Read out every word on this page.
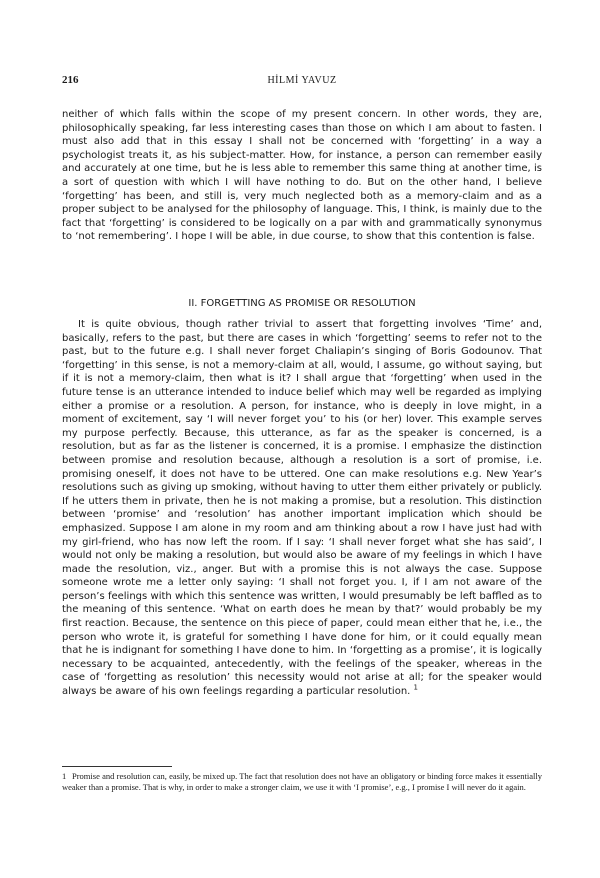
216	HİLMİ YAVUZ

neither of which falls within the scope of my present concern. In other words, they are, philosophically speaking, far less interesting cases than those on which I am about to fasten. I must also add that in this essay I shall not be concerned with ‘forgetting’ in a way a psychologist treats it, as his subject-matter. How, for instance, a person can remember easily and accurately at one time, but he is less able to remember this same thing at another time, is a sort of question with which I will have nothing to do. But on the other hand, I believe ‘forgetting’ has been, and still is, very much neglected both as a memory-claim and as a proper subject to be analysed for the philosophy of language. This, I think, is mainly due to the fact that ‘forgetting’ is considered to be logically on a par with and grammatically synonymus to ‘not remembering’. I hope I will be able, in due course, to show that this contention is false.

II. FORGETTING AS PROMISE OR RESOLUTION

It is quite obvious, though rather trivial to assert that forgetting involves ‘Time’ and, basically, refers to the past, but there are cases in which ‘forgetting’ seems to refer not to the past, but to the future e.g. I shall never forget Chaliapin’s singing of Boris Godounov. That ‘forgetting’ in this sense, is not a memory-claim at all, would, I assume, go without saying, but if it is not a memory-claim, then what is it? I shall argue that ‘forgetting’ when used in the future tense is an utterance intended to induce belief which may well be regarded as implying either a promise or a resolution. A person, for instance, who is deeply in love might, in a moment of excitement, say ‘I will never forget you’ to his (or her) lover. This example serves my purpose perfectly. Because, this utterance, as far as the speaker is concerned, is a resolution, but as far as the listener is concerned, it is a promise. I emphasize the distinction between promise and resolution because, although a resolution is a sort of promise, i.e. promising oneself, it does not have to be uttered. One can make resolutions e.g. New Year’s resolutions such as giving up smoking, without having to utter them either privately or publicly. If he utters them in private, then he is not making a promise, but a resolution. This distinction between ‘promise’ and ‘resolution’ has another important implication which should be emphasized. Suppose I am alone in my room and am thinking about a row I have just had with my girl-friend, who has now left the room. If I say: ‘I shall never forget what she has said’, I would not only be making a resolution, but would also be aware of my feelings in which I have made the resolution, viz., anger. But with a promise this is not always the case. Suppose someone wrote me a letter only saying: ‘I shall not forget you. I, if I am not aware of the person’s feelings with which this sentence was written, I would presumably be left baffled as to the meaning of this sentence. ‘What on earth does he mean by that?’ would probably be my first reaction. Because, the sentence on this piece of paper, could mean either that he, i.e., the person who wrote it, is grateful for something I have done for him, or it could equally mean that he is indignant for something I have done to him. In ‘forgetting as a promise’, it is logically necessary to be acquainted, antecedently, with the feelings of the speaker, whereas in the case of ‘forgetting as resolution’ this necessity would not arise at all; for the speaker would always be aware of his own feelings regarding a particular resolution. $^1$

1 Promise and resolution can, easily, be mixed up. The fact that resolution does not have an obligatory or binding force makes it essentially weaker than a promise. That is why, in order to make a stronger claim, we use it with ‘I promise’, e.g., I promise I will never do it again.
